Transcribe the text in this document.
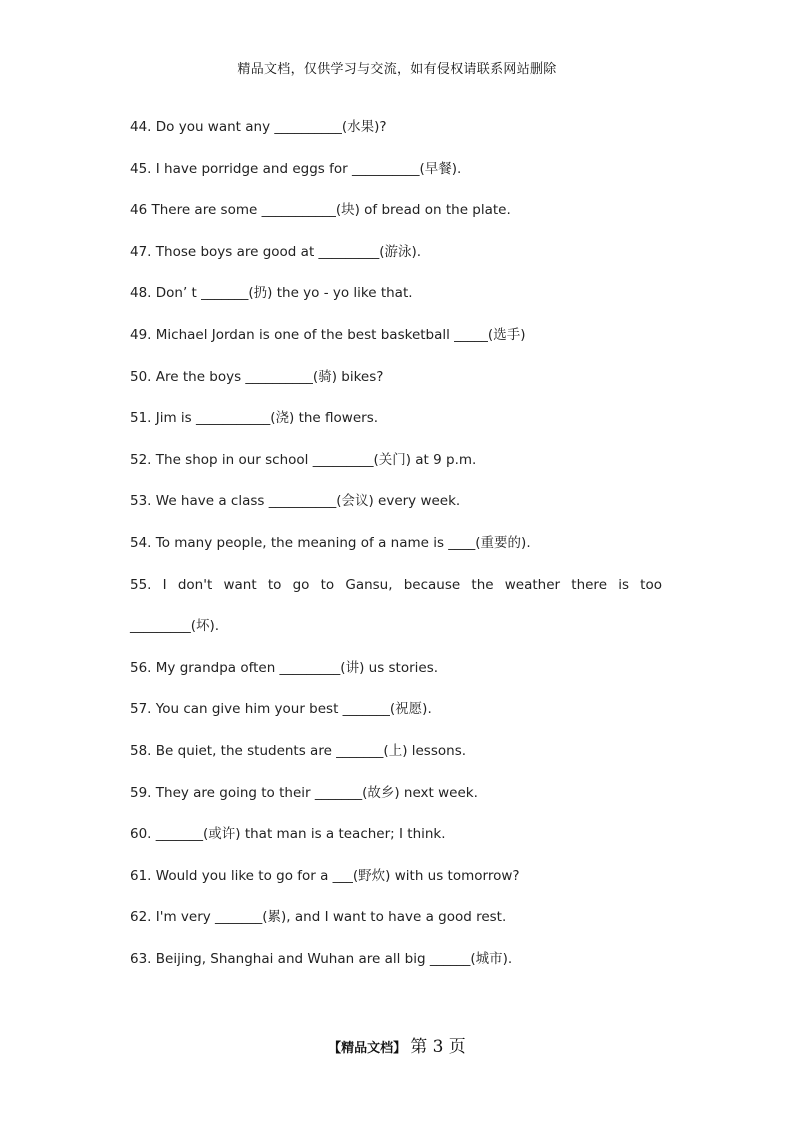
精品文档，仅供学习与交流，如有侵权请联系网站删除
44. Do you want any __________(水果)?
45. I have porridge and eggs for __________(早餐).
46 There are some ___________(块) of bread on the plate.
47. Those boys are good at _________(游泳).
48. Don’ t _______(扔) the yo - yo like that.
49. Michael Jordan is one of the best basketball _____(选手)
50. Are the boys __________(骑) bikes?
51. Jim is ___________(浇) the flowers.
52. The shop in our school _________(关门) at 9 p.m.
53. We have a class __________(会议) every week.
54. To many people, the meaning of a name is ____(重要的).
55. I don't want to go to Gansu, because the weather there is too _________(坏).
56. My grandpa often _________(讲) us stories.
57. You can give him your best _______(祝愿).
58. Be quiet, the students are _______(上) lessons.
59. They are going to their _______(故乡) next week.
60. _______(或许) that man is a teacher; I think.
61. Would you like to go for a ___(野炊) with us tomorrow?
62. I'm very _______(累), and I want to have a good rest.
63. Beijing, Shanghai and Wuhan are all big ______(城市).
【精品文档】 第 3 页
